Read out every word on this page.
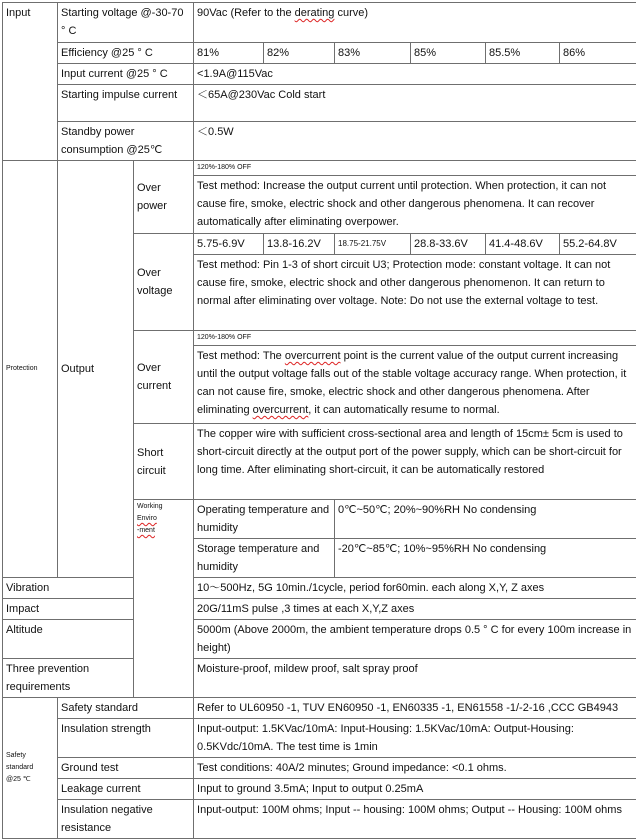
Input	Starting voltage @-30-70 ° C		90Vac (Refer to the derating curve)					
	Efficiency @25 ° C		81%	82%	83%	85%	85.5%	86%
	Input current @25 ° C		<1.9A@115Vac					
	Starting impulse current		＜65A@230Vac Cold start					
	Standby power consumption @25℃		＜0.5W					
Protection	Output	Over power	120%-180% OFF					
			Test method: Increase the output current until protection. When protection, it can not cause fire, smoke, electric shock and other dangerous phenomena. It can recover automatically after eliminating overpower.					
		Over voltage	5.75-6.9V	13.8-16.2V	18.75-21.75V	28.8-33.6V	41.4-48.6V	55.2-64.8V
			Test method: Pin 1-3 of short circuit U3; Protection mode: constant voltage. It can not cause fire, smoke, electric shock and other dangerous phenomenon. It can return to normal after eliminating over voltage. Note: Do not use the external voltage to test.					
		Over current	120%-180% OFF					
			Test method: The overcurrent point is the current value of the output current increasing until the output voltage falls out of the stable voltage accuracy range. When protection, it can not cause fire, smoke, electric shock and other dangerous phenomena. After eliminating overcurrent, it can automatically resume to normal.					
		Short circuit	The copper wire with sufficient cross-sectional area and length of 15cm± 5cm is used to short-circuit directly at the output port of the power supply, which can be short-circuit for long time. After eliminating short-circuit, it can be automatically restored					

		Working
Enviro
-ment	Operating temperature and humidity		0℃~50℃; 20%~90%RH No condensing			
			Storage temperature and humidity		-20℃~85℃; 10%~95%RH No condensing			
Vibration			10～500Hz, 5G 10min./1cycle, period for60min. each along X,Y, Z axes					
Impact			20G/11mS pulse ,3 times at each X,Y,Z axes					
Altitude			5000m (Above 2000m, the ambient temperature drops 0.5 ° C for every 100m increase in height)					
Three prevention requirements			Moisture-proof, mildew proof, salt spray proof					

Safety
standard
@25 ℃	Safety standard		Refer to UL60950 -1, TUV EN60950 -1, EN60335 -1, EN61558 -1/-2-16 ,CCC GB4943					
	Insulation strength		Input-output: 1.5KVac/10mA: Input-Housing: 1.5KVac/10mA: Output-Housing: 0.5KVdc/10mA. The test time is 1min					
	Ground test		Test conditions: 40A/2 minutes; Ground impedance: <0.1 ohms.					
	Leakage current		Input to ground 3.5mA; Input to output 0.25mA					
	Insulation negative resistance		Input-output: 100M ohms; Input -- housing: 100M ohms; Output -- Housing: 100M ohms					
